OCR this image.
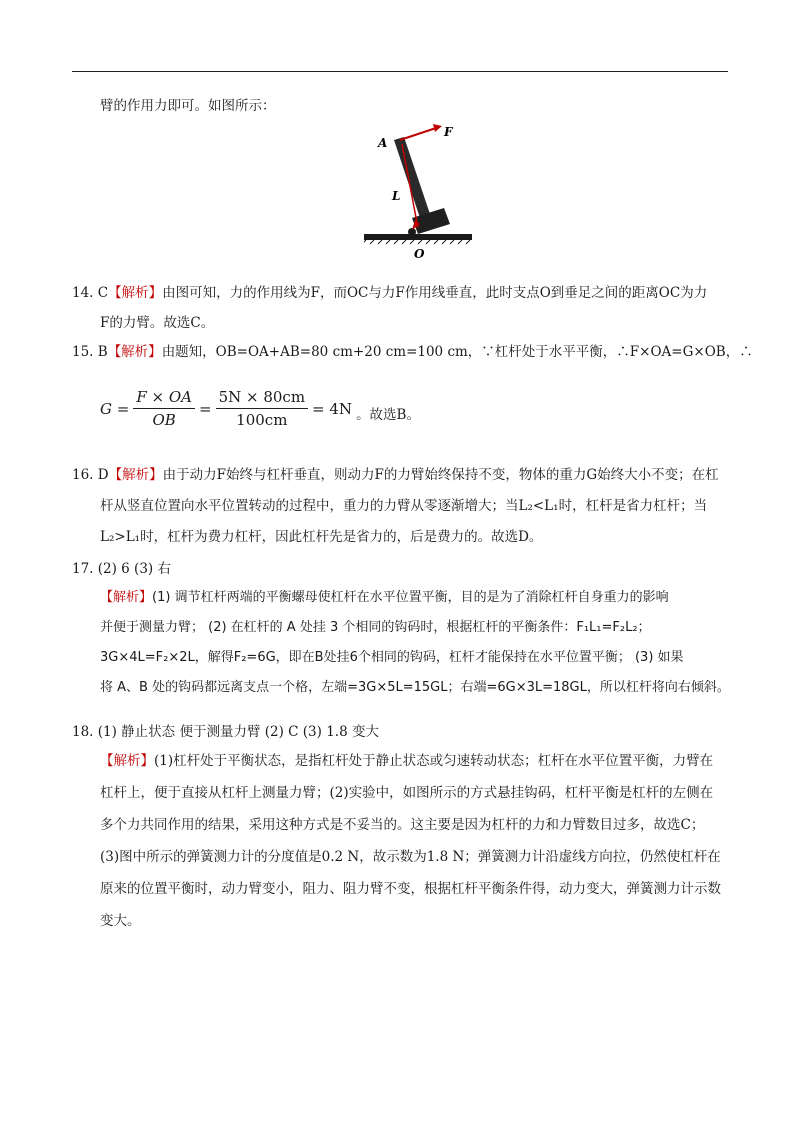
臂的作用力即可。如图所示：
A
F
L
O
14. C【解析】由图可知，力的作用线为F，而OC与力F作用线垂直，此时支点O到垂足之间的距离OC为力
F的力臂。故选C。
15. B【解析】由题知，OB=OA+AB=80 cm+20 cm=100 cm，∵杠杆处于水平平衡，∴F×OA=G×OB，∴
$G = \frac{F \times OA}{OB} = \frac{5N \times 80cm}{100cm} = 4N$ 。故选B。
16. D【解析】由于动力F始终与杠杆垂直，则动力F的力臂始终保持不变，物体的重力G始终大小不变；在杠
杆从竖直位置向水平位置转动的过程中，重力的力臂从零逐渐增大；当L₂<L₁时，杠杆是省力杠杆；当
L₂>L₁时，杠杆为费力杠杆，因此杠杆先是省力的，后是费力的。故选D。
17. (2) 6 (3) 右
【解析】(1) 调节杠杆两端的平衡螺母使杠杆在水平位置平衡，目的是为了消除杠杆自身重力的影响
并便于测量力臂； (2) 在杠杆的 A 处挂 3 个相同的钩码时，根据杠杆的平衡条件：F₁L₁=F₂L₂；
3G×4L=F₂×2L，解得F₂=6G，即在B处挂6个相同的钩码，杠杆才能保持在水平位置平衡； (3) 如果
将 A、B 处的钩码都远离支点一个格，左端=3G×5L=15GL；右端=6G×3L=18GL，所以杠杆将向右倾斜。
18. (1) 静止状态 便于测量力臂 (2) C (3) 1.8 变大
【解析】(1)杠杆处于平衡状态，是指杠杆处于静止状态或匀速转动状态；杠杆在水平位置平衡，力臂在
杠杆上，便于直接从杠杆上测量力臂；(2)实验中，如图所示的方式悬挂钩码，杠杆平衡是杠杆的左侧在
多个力共同作用的结果，采用这种方式是不妥当的。这主要是因为杠杆的力和力臂数目过多，故选C；
(3)图中所示的弹簧测力计的分度值是0.2 N，故示数为1.8 N；弹簧测力计沿虚线方向拉，仍然使杠杆在
原来的位置平衡时，动力臂变小，阻力、阻力臂不变，根据杠杆平衡条件得，动力变大，弹簧测力计示数
变大。
